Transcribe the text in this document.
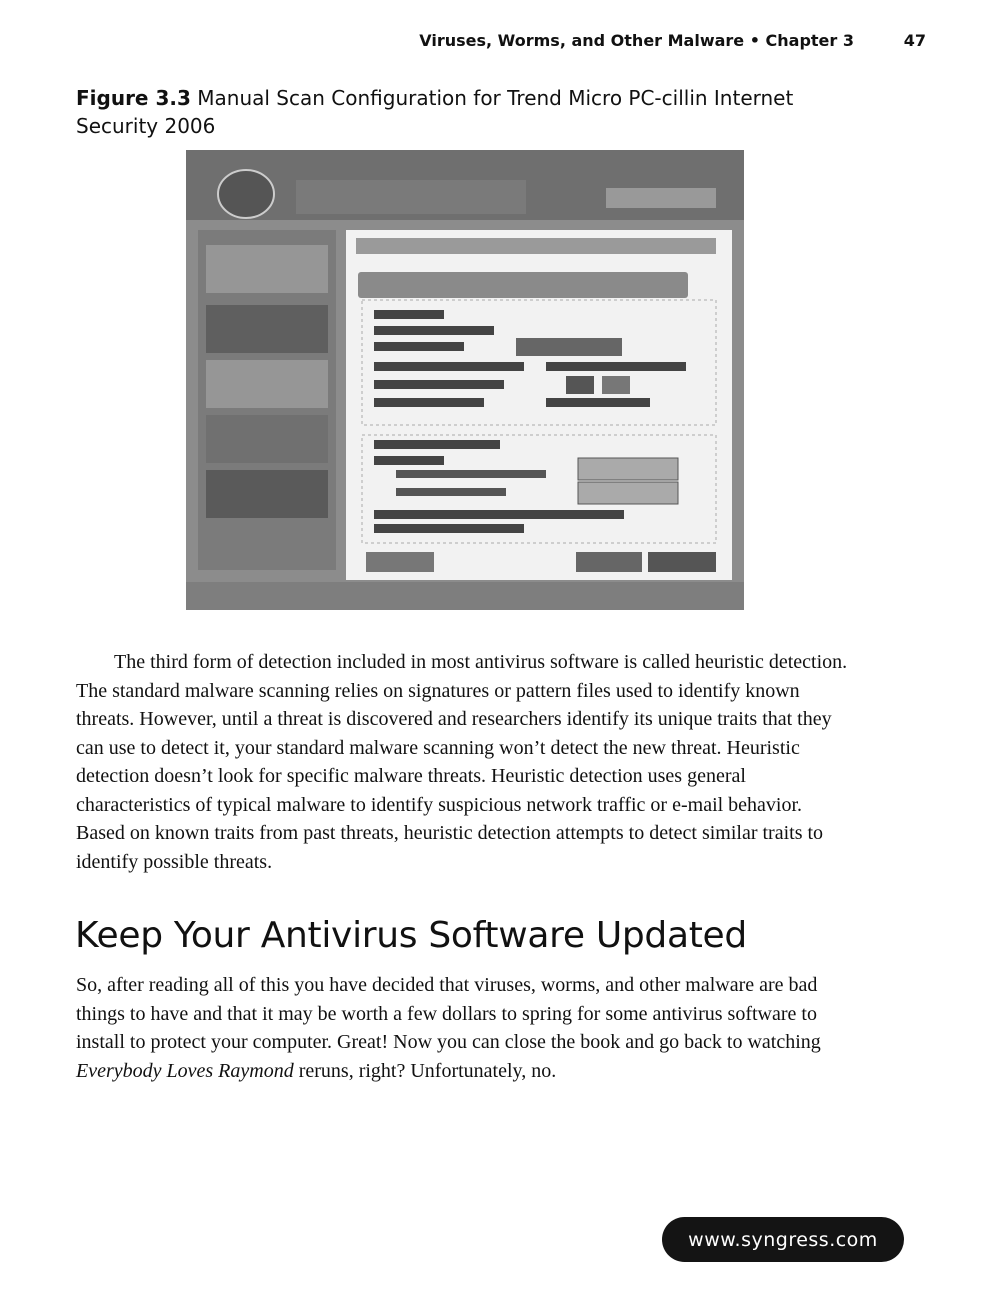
Viruses, Worms, and Other Malware • Chapter 3	47
Figure 3.3 Manual Scan Configuration for Trend Micro PC-cillin Internet Security 2006

The third form of detection included in most antivirus software is called heuristic detection. The standard malware scanning relies on signatures or pattern files used to identify known threats. However, until a threat is discovered and researchers identify its unique traits that they can use to detect it, your standard malware scanning won’t detect the new threat. Heuristic detection doesn’t look for specific malware threats. Heuristic detection uses general characteristics of typical malware to identify suspicious network traffic or e-mail behavior. Based on known traits from past threats, heuristic detection attempts to detect similar traits to identify possible threats.

Keep Your Antivirus Software Updated

So, after reading all of this you have decided that viruses, worms, and other malware are bad things to have and that it may be worth a few dollars to spring for some antivirus software to install to protect your computer. Great! Now you can close the book and go back to watching Everybody Loves Raymond reruns, right? Unfortunately, no.

www.syngress.com
